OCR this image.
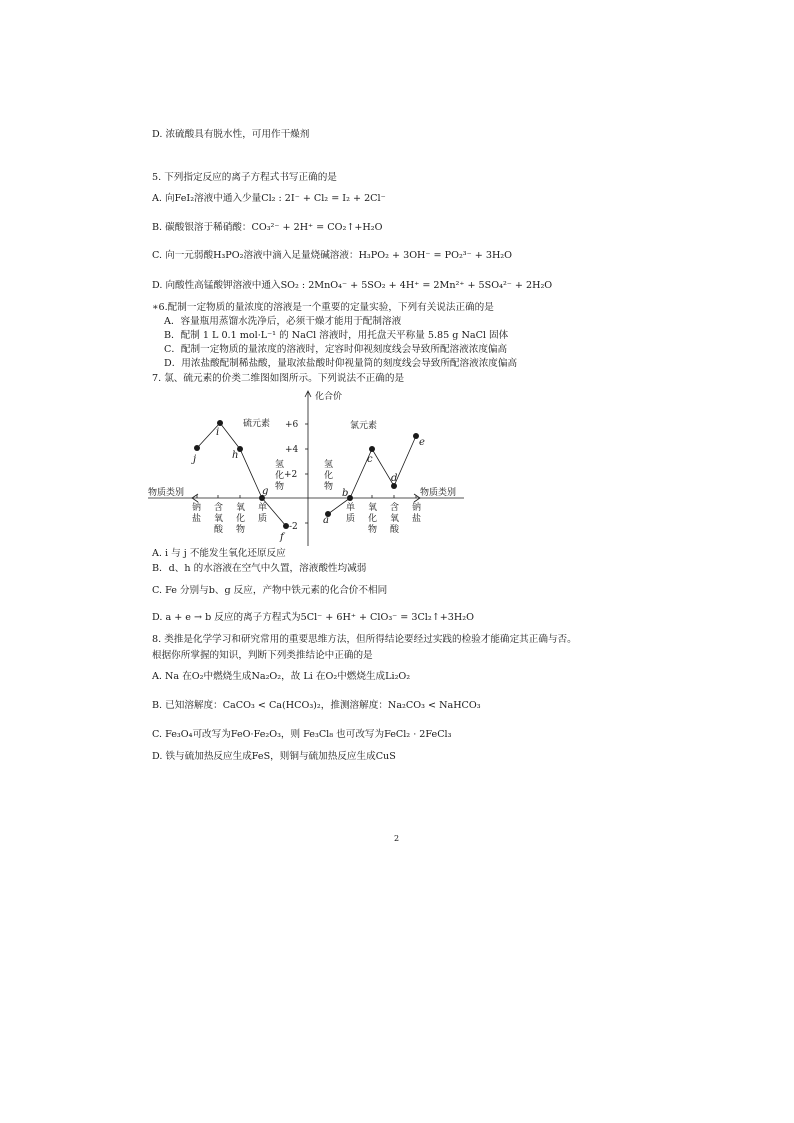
D. 浓硫酸具有脱水性，可用作干燥剂
5. 下列指定反应的离子方程式书写正确的是
A. 向FeI₂溶液中通入少量Cl₂ : 2I⁻ + Cl₂ = I₂ + 2Cl⁻
B. 碳酸银溶于稀硝酸：CO₃²⁻ + 2H⁺ = CO₂↑+H₂O
C. 向一元弱酸H₃PO₂溶液中滴入足量烧碱溶液：H₃PO₂ + 3OH⁻ = PO₂³⁻ + 3H₂O
D. 向酸性高锰酸钾溶液中通入SO₂ : 2MnO₄⁻ + 5SO₂ + 4H⁺ = 2Mn²⁺ + 5SO₄²⁻ + 2H₂O
∗6.配制一定物质的量浓度的溶液是一个重要的定量实验，下列有关说法正确的是
A．容量瓶用蒸馏水洗净后，必须干燥才能用于配制溶液
B．配制 1 L 0.1 mol·L⁻¹ 的 NaCl 溶液时，用托盘天平称量 5.85 g NaCl 固体
C．配制一定物质的量浓度的溶液时，定容时仰视刻度线会导致所配溶液浓度偏高
D．用浓盐酸配制稀盐酸，量取浓盐酸时仰视量筒的刻度线会导致所配溶液浓度偏高
7. 氯、硫元素的价类二维图如图所示。下列说法不正确的是
化合价
物质类别	物质类别
硫元素	氯元素
+6
+4
+2
-2
氢
化
物
氢
化
物
钠
盐
含
氧
酸
氧
化
物
单
质
单
质
氧
化
物
含
氧
酸
钠
盐
j
i
h
g
f
a
b
c
d
e
A. i 与 j 不能发生氧化还原反应
B．d、h 的水溶液在空气中久置，溶液酸性均减弱
C. Fe 分别与b、g 反应，产物中铁元素的化合价不相同
D. a + e → b 反应的离子方程式为5Cl⁻ + 6H⁺ + ClO₃⁻ = 3Cl₂↑+3H₂O
8. 类推是化学学习和研究常用的重要思维方法，但所得结论要经过实践的检验才能确定其正确与否。
根据你所掌握的知识，判断下列类推结论中正确的是
A. Na 在O₂中燃烧生成Na₂O₂，故 Li 在O₂中燃烧生成Li₂O₂
B. 已知溶解度：CaCO₃ < Ca(HCO₃)₂，推测溶解度：Na₂CO₃ < NaHCO₃
C. Fe₃O₄可改写为FeO·Fe₂O₃，则 Fe₃Cl₈ 也可改写为FeCl₂ · 2FeCl₃
D. 铁与硫加热反应生成FeS，则铜与硫加热反应生成CuS
2
